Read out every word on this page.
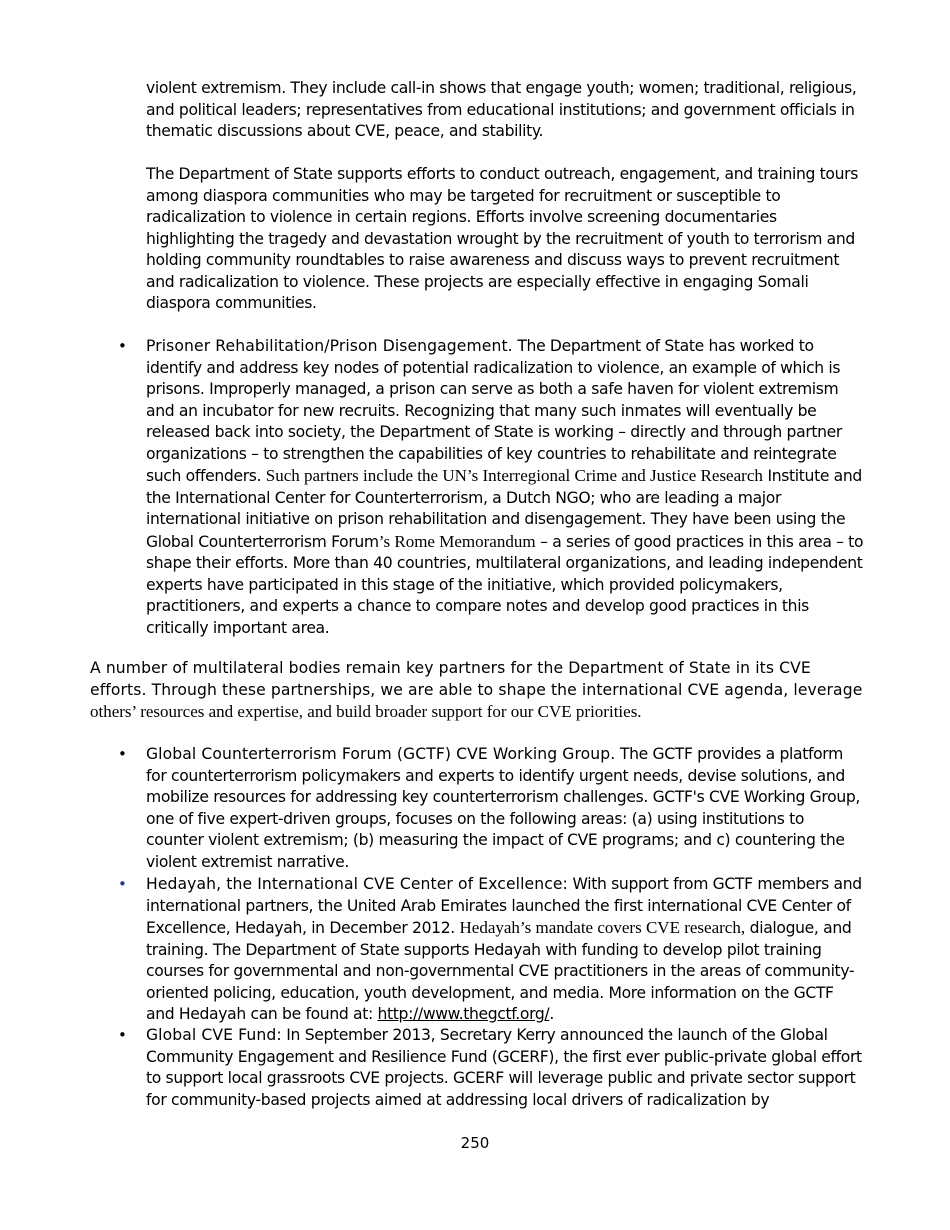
violent extremism. They include call-in shows that engage youth; women; traditional, religious, and political leaders; representatives from educational institutions; and government officials in thematic discussions about CVE, peace, and stability.

The Department of State supports efforts to conduct outreach, engagement, and training tours among diaspora communities who may be targeted for recruitment or susceptible to radicalization to violence in certain regions. Efforts involve screening documentaries highlighting the tragedy and devastation wrought by the recruitment of youth to terrorism and holding community roundtables to raise awareness and discuss ways to prevent recruitment and radicalization to violence. These projects are especially effective in engaging Somali diaspora communities.

•	Prisoner Rehabilitation/Prison Disengagement. The Department of State has worked to identify and address key nodes of potential radicalization to violence, an example of which is prisons. Improperly managed, a prison can serve as both a safe haven for violent extremism and an incubator for new recruits. Recognizing that many such inmates will eventually be released back into society, the Department of State is working – directly and through partner organizations – to strengthen the capabilities of key countries to rehabilitate and reintegrate such offenders. Such partners include the UN’s Interregional Crime and Justice Research Institute and the International Center for Counterterrorism, a Dutch NGO; who are leading a major international initiative on prison rehabilitation and disengagement. They have been using the Global Counterterrorism Forum’s Rome Memorandum – a series of good practices in this area – to shape their efforts. More than 40 countries, multilateral organizations, and leading independent experts have participated in this stage of the initiative, which provided policymakers, practitioners, and experts a chance to compare notes and develop good practices in this critically important area.

A number of multilateral bodies remain key partners for the Department of State in its CVE efforts. Through these partnerships, we are able to shape the international CVE agenda, leverage others’ resources and expertise, and build broader support for our CVE priorities.

•	Global Counterterrorism Forum (GCTF) CVE Working Group. The GCTF provides a platform for counterterrorism policymakers and experts to identify urgent needs, devise solutions, and mobilize resources for addressing key counterterrorism challenges. GCTF's CVE Working Group, one of five expert-driven groups, focuses on the following areas: (a) using institutions to counter violent extremism; (b) measuring the impact of CVE programs; and c) countering the violent extremist narrative.

•	Hedayah, the International CVE Center of Excellence: With support from GCTF members and international partners, the United Arab Emirates launched the first international CVE Center of Excellence, Hedayah, in December 2012. Hedayah’s mandate covers CVE research, dialogue, and training. The Department of State supports Hedayah with funding to develop pilot training courses for governmental and non-governmental CVE practitioners in the areas of community-oriented policing, education, youth development, and media. More information on the GCTF and Hedayah can be found at: http://www.thegctf.org/.

•	Global CVE Fund: In September 2013, Secretary Kerry announced the launch of the Global Community Engagement and Resilience Fund (GCERF), the first ever public-private global effort to support local grassroots CVE projects. GCERF will leverage public and private sector support for community-based projects aimed at addressing local drivers of radicalization by

250
